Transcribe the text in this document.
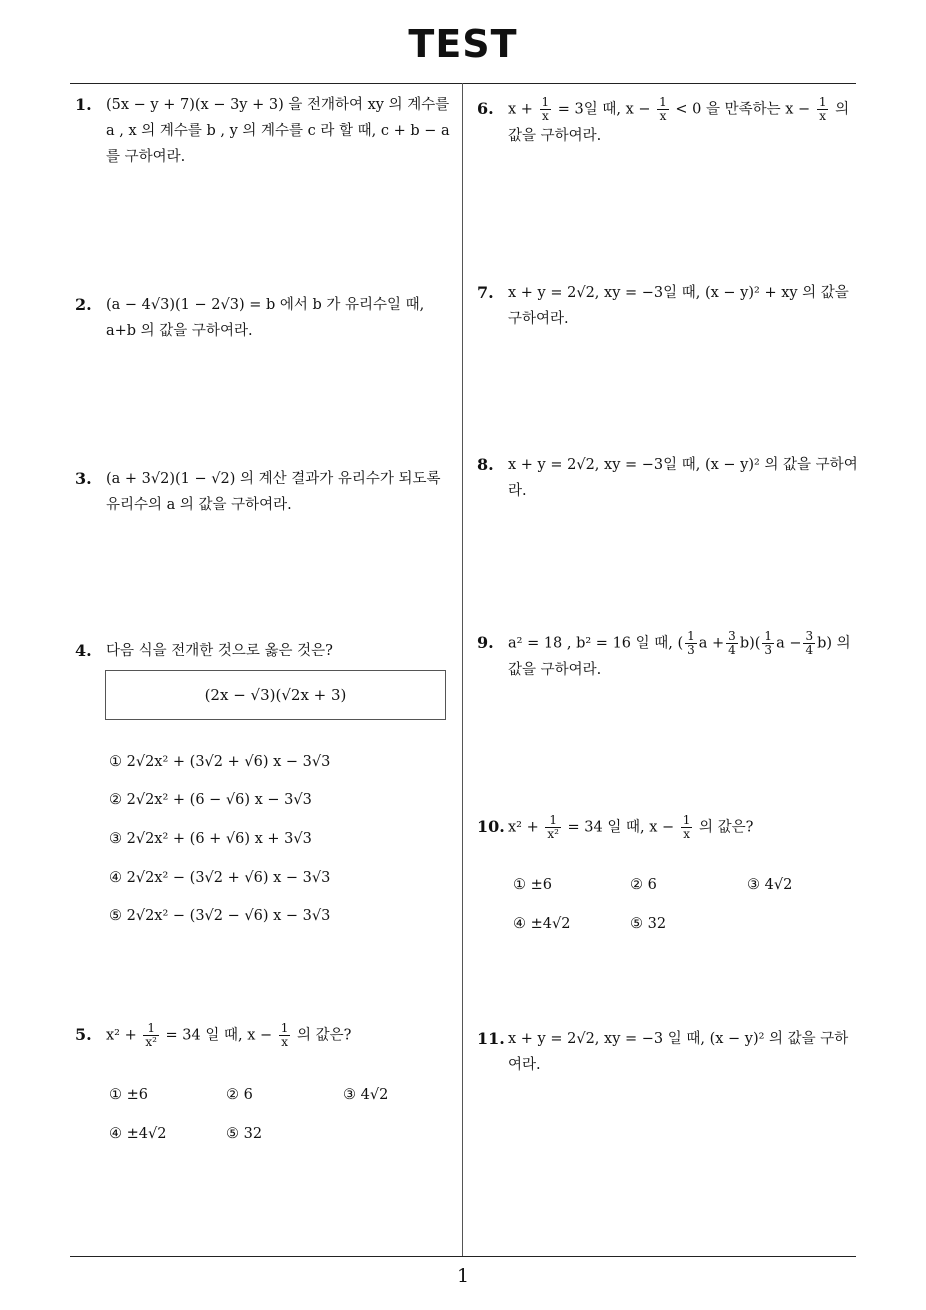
TEST
1
1. (5x − y + 7)(x − 3y + 3) 을 전개하여 xy 의 계수를 a , x 의 계수를 b , y 의 계수를 c 라 할 때, c + b − a 를 구하여라.
2. (a − 4√3)(1 − 2√3) = b 에서 b 가 유리수일 때, a+b 의 값을 구하여라.
3. (a + 3√2)(1 − √2) 의 계산 결과가 유리수가 되도록 유리수의 a 의 값을 구하여라.
4. 다음 식을 전개한 것으로 옳은 것은?
(2x − √3)(√2x + 3)
① 2√2x² + (3√2 + √6) x − 3√3
② 2√2x² + (6 − √6) x − 3√3
③ 2√2x² + (6 + √6) x + 3√3
④ 2√2x² − (3√2 + √6) x − 3√3
⑤ 2√2x² − (3√2 − √6) x − 3√3
5. $x^2 + \frac{1}{\text{x²}} = 34$ 일 때, $x - \frac{1}{x}$ 의 값은?
① ±6	② 6	③ 4√2
④ ±4√2	⑤ 32
6. $x + \frac{1}{x} = 3$일 때, $x - \frac{1}{x} < 0$ 을 만족하는 $x - \frac{1}{x}$ 의 값을 구하여라.
7. x + y = 2√2, xy = −3일 때, (x − y)² + xy 의 값을 구하여라.
8. x + y = 2√2, xy = −3일 때, (x − y)² 의 값을 구하여라.
9. a² = 18 , b² = 16 일 때, ( $\frac{1}{3}$ $a + \frac{3}{4} b)( \frac{1}{3}$ $a - \frac{3}{4} b$) 의
값을 구하여라.
10. $x^2 + \frac{1}{\text{x²}} = 34$ 일 때, $x - \frac{1}{x}$ 의 값은?
① ±6	② 6	③ 4√2
④ ±4√2	⑤ 32
11. x + y = 2√2, xy = −3 일 때, (x − y)² 의 값을 구하여라.
